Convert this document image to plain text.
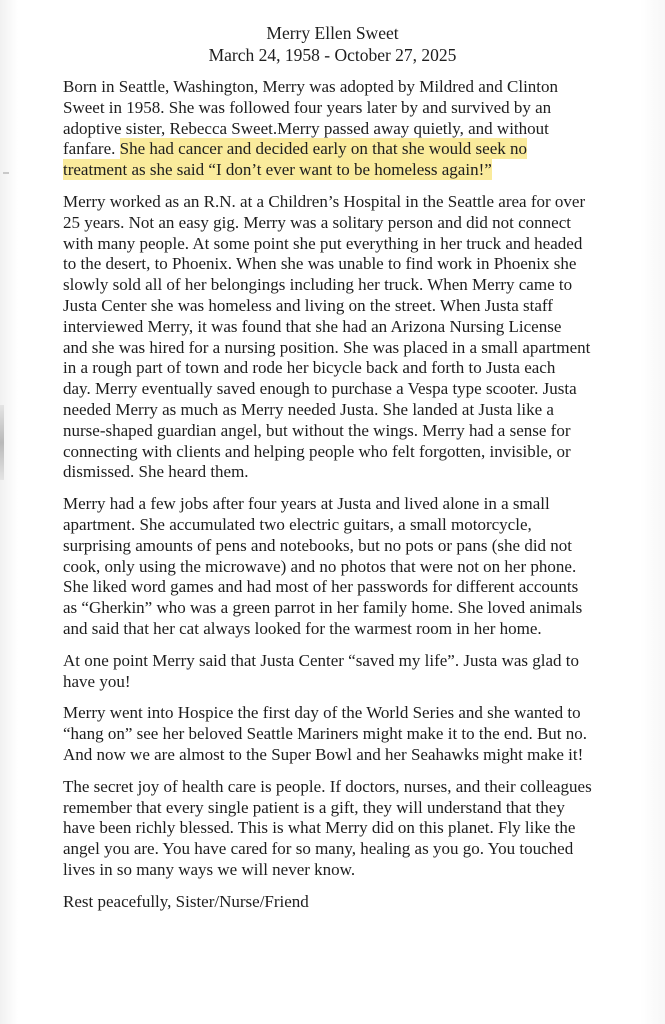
Merry Ellen Sweet
March 24, 1958 - October 27, 2025
Born in Seattle, Washington, Merry was adopted by Mildred and Clinton
Sweet in 1958. She was followed four years later by and survived by an
adoptive sister, Rebecca Sweet.Merry passed away quietly, and without
fanfare. She had cancer and decided early on that she would seek no
treatment as she said “I don’t ever want to be homeless again!”
Merry worked as an R.N. at a Children’s Hospital in the Seattle area for over
25 years. Not an easy gig. Merry was a solitary person and did not connect
with many people. At some point she put everything in her truck and headed
to the desert, to Phoenix. When she was unable to find work in Phoenix she
slowly sold all of her belongings including her truck. When Merry came to
Justa Center she was homeless and living on the street. When Justa staff
interviewed Merry, it was found that she had an Arizona Nursing License
and she was hired for a nursing position. She was placed in a small apartment
in a rough part of town and rode her bicycle back and forth to Justa each
day. Merry eventually saved enough to purchase a Vespa type scooter. Justa
needed Merry as much as Merry needed Justa. She landed at Justa like a
nurse-shaped guardian angel, but without the wings. Merry had a sense for
connecting with clients and helping people who felt forgotten, invisible, or
dismissed. She heard them.
Merry had a few jobs after four years at Justa and lived alone in a small
apartment. She accumulated two electric guitars, a small motorcycle,
surprising amounts of pens and notebooks, but no pots or pans (she did not
cook, only using the microwave) and no photos that were not on her phone.
She liked word games and had most of her passwords for different accounts
as “Gherkin” who was a green parrot in her family home. She loved animals
and said that her cat always looked for the warmest room in her home.
At one point Merry said that Justa Center “saved my life”. Justa was glad to
have you!
Merry went into Hospice the first day of the World Series and she wanted to
“hang on” see her beloved Seattle Mariners might make it to the end. But no.
And now we are almost to the Super Bowl and her Seahawks might make it!
The secret joy of health care is people. If doctors, nurses, and their colleagues
remember that every single patient is a gift, they will understand that they
have been richly blessed. This is what Merry did on this planet. Fly like the
angel you are. You have cared for so many, healing as you go. You touched
lives in so many ways we will never know.
Rest peacefully, Sister/Nurse/Friend
